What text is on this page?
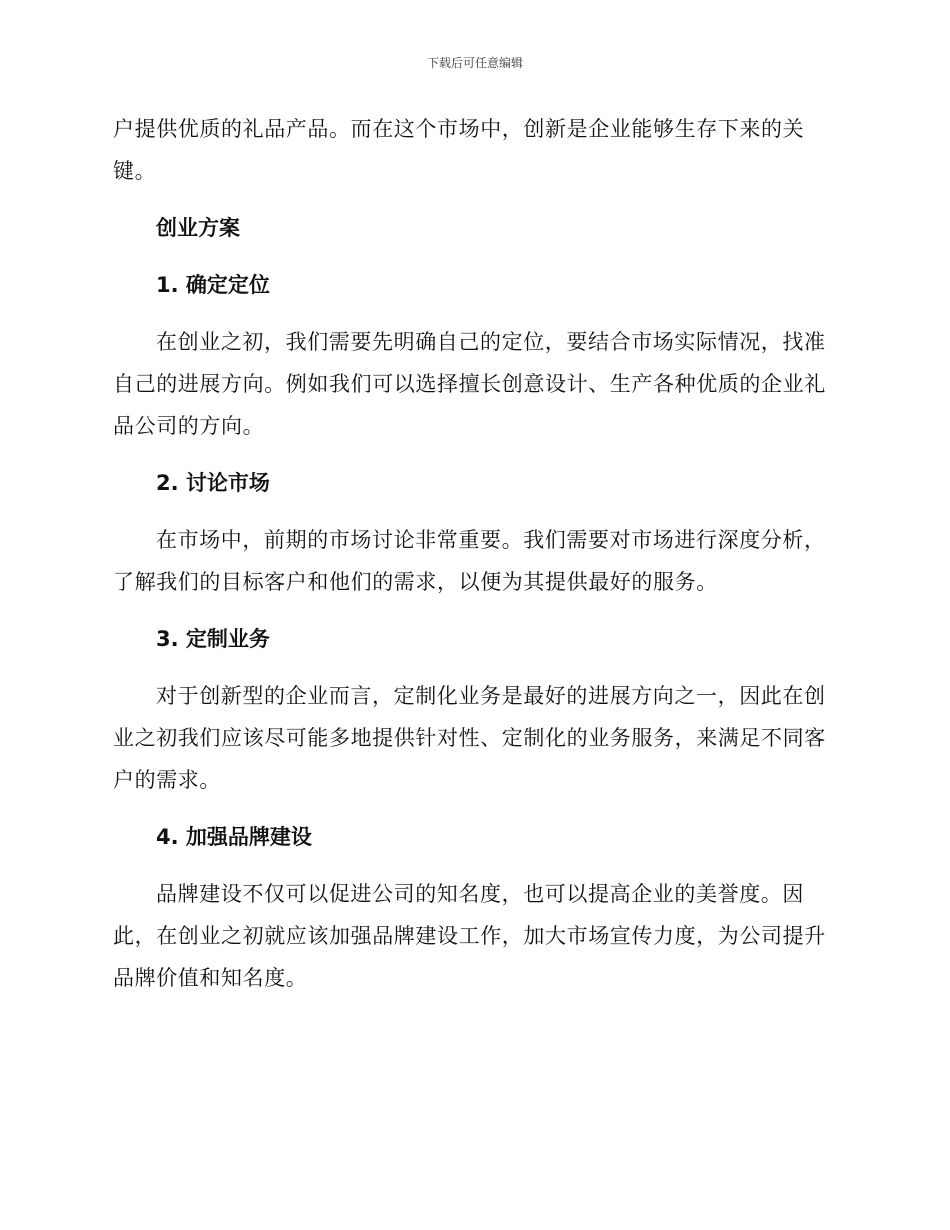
下载后可任意编辑

户提供优质的礼品产品。而在这个市场中，创新是企业能够生存下来的关键。

创业方案
1. 确定定位

在创业之初，我们需要先明确自己的定位，要结合市场实际情况，找准自己的进展方向。例如我们可以选择擅长创意设计、生产各种优质的企业礼品公司的方向。

2. 讨论市场

在市场中，前期的市场讨论非常重要。我们需要对市场进行深度分析，了解我们的目标客户和他们的需求，以便为其提供最好的服务。

3. 定制业务

对于创新型的企业而言，定制化业务是最好的进展方向之一，因此在创业之初我们应该尽可能多地提供针对性、定制化的业务服务，来满足不同客户的需求。

4. 加强品牌建设

品牌建设不仅可以促进公司的知名度，也可以提高企业的美誉度。因此，在创业之初就应该加强品牌建设工作，加大市场宣传力度，为公司提升品牌价值和知名度。
